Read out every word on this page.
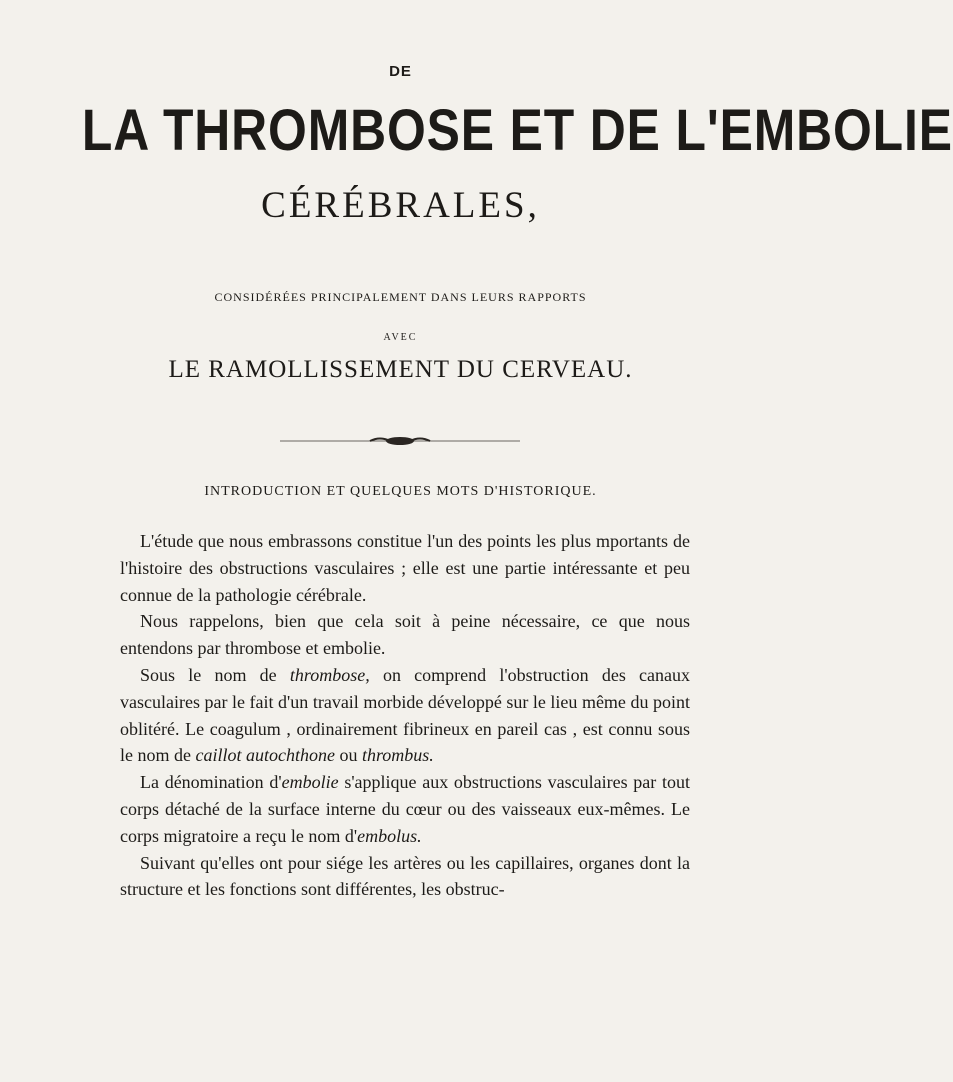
DE
LA THROMBOSE ET DE L'EMBOLIE
CÉRÉBRALES,
CONSIDÉRÉES PRINCIPALEMENT DANS LEURS RAPPORTS
AVEC
LE RAMOLLISSEMENT DU CERVEAU.
INTRODUCTION ET QUELQUES MOTS D'HISTORIQUE.

L'étude que nous embrassons constitue l'un des points les plus mportants de l'histoire des obstructions vasculaires ; elle est une partie intéressante et peu connue de la pathologie cérébrale.

Nous rappelons, bien que cela soit à peine nécessaire, ce que nous entendons par thrombose et embolie.

Sous le nom de thrombose, on comprend l'obstruction des canaux vasculaires par le fait d'un travail morbide développé sur le lieu même du point oblitéré. Le coagulum , ordinairement fibrineux en pareil cas , est connu sous le nom de caillot autochthone ou thrombus.

La dénomination d'embolie s'applique aux obstructions vasculaires par tout corps détaché de la surface interne du cœur ou des vaisseaux eux-mêmes. Le corps migratoire a reçu le nom d'embolus.

Suivant qu'elles ont pour siége les artères ou les capillaires, organes dont la structure et les fonctions sont différentes, les obstruc-
